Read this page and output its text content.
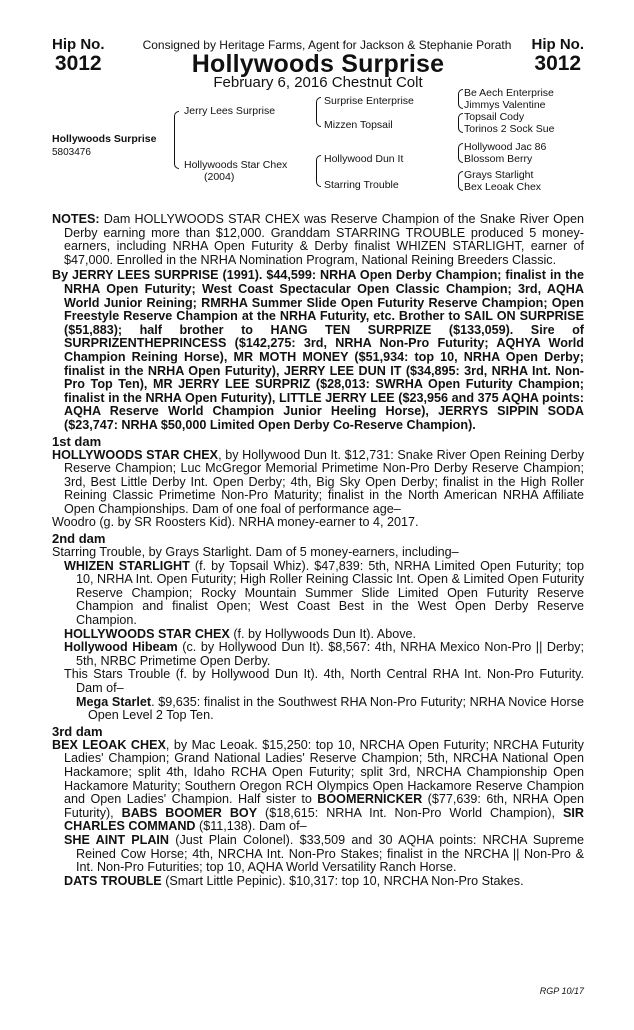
Hip No.
3012
Consigned by Heritage Farms, Agent for Jackson & Stephanie Porath
Hollywoods Surprise
Hip No.
3012
February 6, 2016 Chestnut Colt
Hollywoods Surprise
5803476
Jerry Lees Surprise
Hollywoods Star Chex
(2004)
Surprise Enterprise
Mizzen Topsail
Hollywood Dun It
Starring Trouble
Be Aech Enterprise
Jimmys Valentine
Topsail Cody
Torinos 2 Sock Sue
Hollywood Jac 86
Blossom Berry
Grays Starlight
Bex Leoak Chex

NOTES: Dam HOLLYWOODS STAR CHEX was Reserve Champion of the Snake River Open Derby earning more than $12,000. Granddam STARRING TROUBLE produced 5 money-earners, including NRHA Open Futurity & Derby finalist WHIZEN STARLIGHT, earner of $47,000. Enrolled in the NRHA Nomination Program, National Reining Breeders Classic.

By JERRY LEES SURPRISE (1991). $44,599: NRHA Open Derby Champion; finalist in the NRHA Open Futurity; West Coast Spectacular Open Classic Champion; 3rd, AQHA World Junior Reining; RMRHA Summer Slide Open Futurity Reserve Champion; Open Freestyle Reserve Champion at the NRHA Futurity, etc. Brother to SAIL ON SURPRISE ($51,883); half brother to HANG TEN SURPRIZE ($133,059). Sire of SURPRIZENTHEPRINCESS ($142,275: 3rd, NRHA Non-Pro Futurity; AQHYA World Champion Reining Horse), MR MOTH MONEY ($51,934: top 10, NRHA Open Derby; finalist in the NRHA Open Futurity), JERRY LEE DUN IT ($34,895: 3rd, NRHA Int. Non-Pro Top Ten), MR JERRY LEE SURPRIZ ($28,013: SWRHA Open Futurity Champion; finalist in the NRHA Open Futurity), LITTLE JERRY LEE ($23,956 and 375 AQHA points: AQHA Reserve World Champion Junior Heeling Horse), JERRYS SIPPIN SODA ($23,747: NRHA $50,000 Limited Open Derby Co-Reserve Champion).

1st dam

HOLLYWOODS STAR CHEX, by Hollywood Dun It. $12,731: Snake River Open Reining Derby Reserve Champion; Luc McGregor Memorial Primetime Non-Pro Derby Reserve Champion; 3rd, Best Little Derby Int. Open Derby; 4th, Big Sky Open Derby; finalist in the High Roller Reining Classic Primetime Non-Pro Maturity; finalist in the North American NRHA Affiliate Open Championships. Dam of one foal of performance age–

Woodro (g. by SR Roosters Kid). NRHA money-earner to 4, 2017.

2nd dam

Starring Trouble, by Grays Starlight. Dam of 5 money-earners, including–

WHIZEN STARLIGHT (f. by Topsail Whiz). $47,839: 5th, NRHA Limited Open Futurity; top 10, NRHA Int. Open Futurity; High Roller Reining Classic Int. Open & Limited Open Futurity Reserve Champion; Rocky Mountain Summer Slide Limited Open Futurity Reserve Champion and finalist Open; West Coast Best in the West Open Derby Reserve Champion.

HOLLYWOODS STAR CHEX (f. by Hollywoods Dun It). Above.

Hollywood Hibeam (c. by Hollywood Dun It). $8,567: 4th, NRHA Mexico Non-Pro || Derby; 5th, NRBC Primetime Open Derby.

This Stars Trouble (f. by Hollywood Dun It). 4th, North Central RHA Int. Non-Pro Futurity. Dam of–

Mega Starlet. $9,635: finalist in the Southwest RHA Non-Pro Futurity; NRHA Novice Horse Open Level 2 Top Ten.

3rd dam

BEX LEOAK CHEX, by Mac Leoak. $15,250: top 10, NRCHA Open Futurity; NRCHA Futurity Ladies' Champion; Grand National Ladies' Reserve Champion; 5th, NRCHA National Open Hackamore; split 4th, Idaho RCHA Open Futurity; split 3rd, NRCHA Championship Open Hackamore Maturity; Southern Oregon RCH Olympics Open Hackamore Reserve Champion and Open Ladies' Champion. Half sister to BOOMERNICKER ($77,639: 6th, NRHA Open Futurity), BABS BOOMER BOY ($18,615: NRHA Int. Non-Pro World Champion), SIR CHARLES COMMAND ($11,138). Dam of–

SHE AINT PLAIN (Just Plain Colonel). $33,509 and 30 AQHA points: NRCHA Supreme Reined Cow Horse; 4th, NRCHA Int. Non-Pro Stakes; finalist in the NRCHA || Non-Pro & Int. Non-Pro Futurities; top 10, AQHA World Versatility Ranch Horse.

DATS TROUBLE (Smart Little Pepinic). $10,317: top 10, NRCHA Non-Pro Stakes.

RGP 10/17
